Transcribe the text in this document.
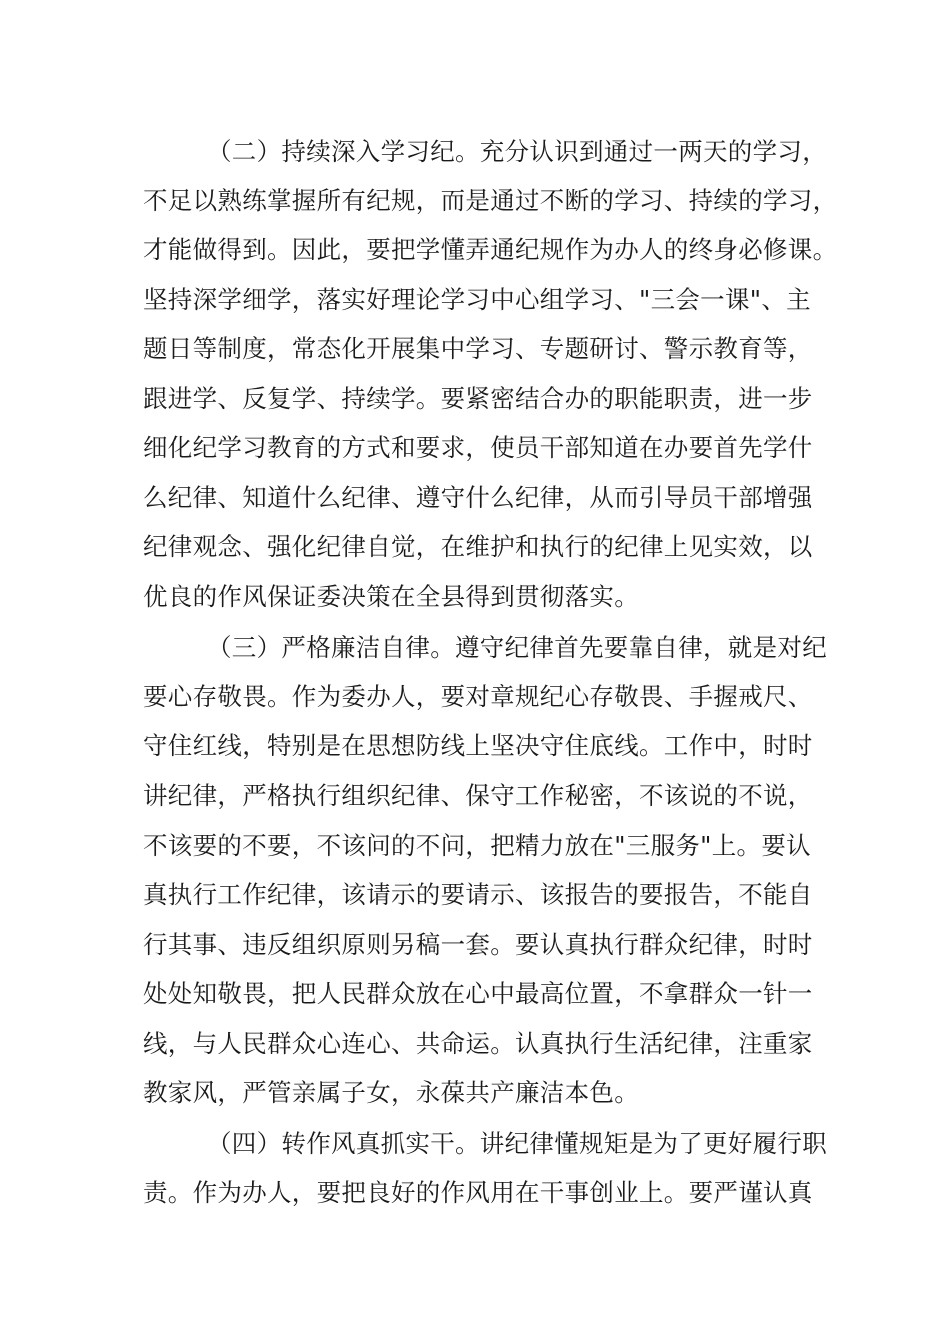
（二）持续深入学习纪。充分认识到通过一两天的学习，
不足以熟练掌握所有纪规，而是通过不断的学习、持续的学习，
才能做得到。因此，要把学懂弄通纪规作为办人的终身必修课。
坚持深学细学，落实好理论学习中心组学习、"三会一课"、主
题日等制度，常态化开展集中学习、专题研讨、警示教育等，
跟进学、反复学、持续学。要紧密结合办的职能职责，进一步
细化纪学习教育的方式和要求，使员干部知道在办要首先学什
么纪律、知道什么纪律、遵守什么纪律，从而引导员干部增强
纪律观念、强化纪律自觉，在维护和执行的纪律上见实效，以
优良的作风保证委决策在全县得到贯彻落实。
（三）严格廉洁自律。遵守纪律首先要靠自律，就是对纪
要心存敬畏。作为委办人，要对章规纪心存敬畏、手握戒尺、
守住红线，特别是在思想防线上坚决守住底线。工作中，时时
讲纪律，严格执行组织纪律、保守工作秘密，不该说的不说，
不该要的不要，不该问的不问，把精力放在"三服务"上。要认
真执行工作纪律，该请示的要请示、该报告的要报告，不能自
行其事、违反组织原则另稿一套。要认真执行群众纪律，时时
处处知敬畏，把人民群众放在心中最高位置，不拿群众一针一
线，与人民群众心连心、共命运。认真执行生活纪律，注重家
教家风，严管亲属子女，永葆共产廉洁本色。
（四）转作风真抓实干。讲纪律懂规矩是为了更好履行职
责。作为办人，要把良好的作风用在干事创业上。要严谨认真
